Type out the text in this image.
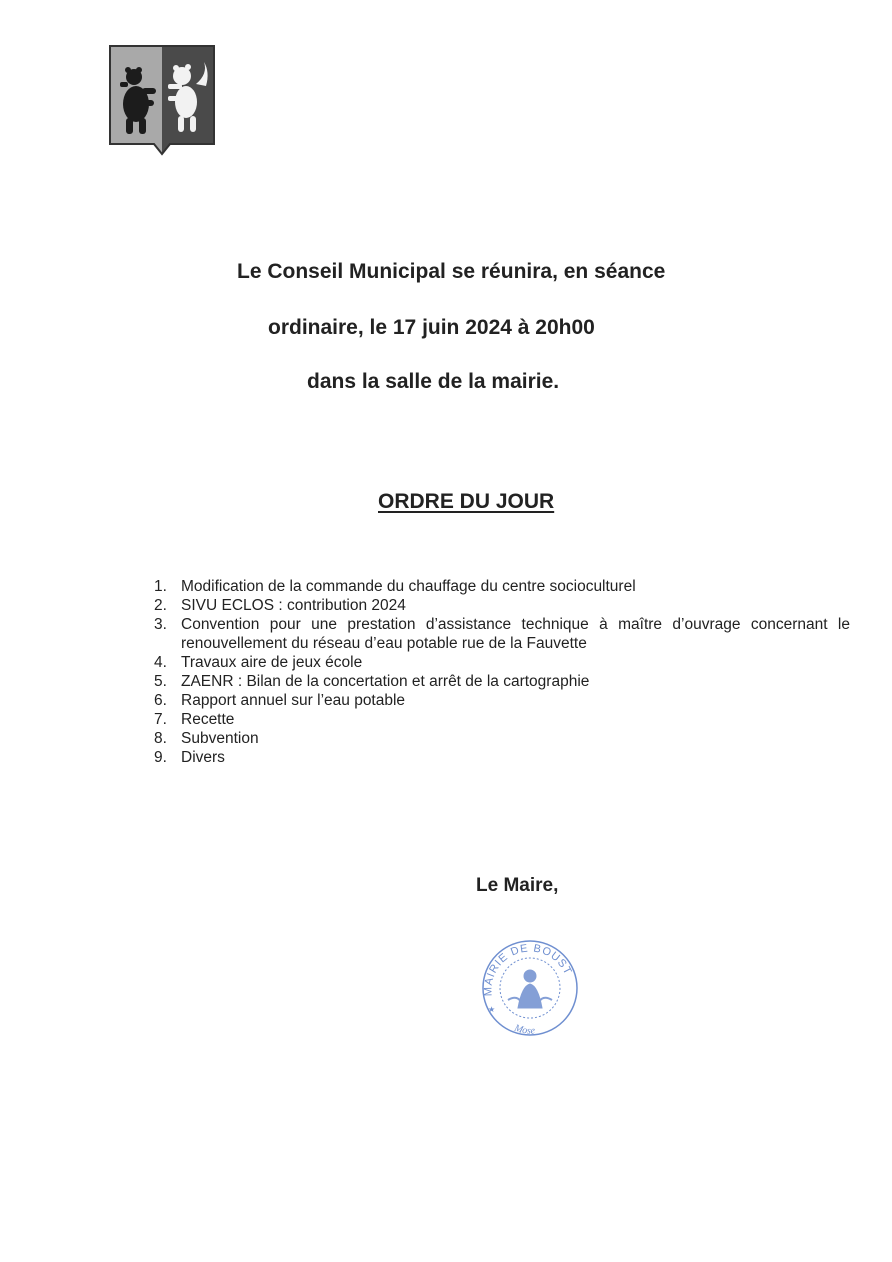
Le Conseil Municipal se réunira, en séance
ordinaire, le 17 juin 2024 à 20h00
dans la salle de la mairie.
ORDRE DU JOUR
1. Modification de la commande du chauffage du centre socioculturel
2. SIVU ECLOS : contribution 2024
3. Convention pour une prestation d’assistance technique à maître d’ouvrage concernant le
renouvellement du réseau d’eau potable rue de la Fauvette
4. Travaux aire de jeux école
5. ZAENR : Bilan de la concertation et arrêt de la cartographie
6. Rapport annuel sur l’eau potable
7. Recette
8. Subvention
9. Divers
Le Maire,
MAIRIE DE BOUST
Mose
★
